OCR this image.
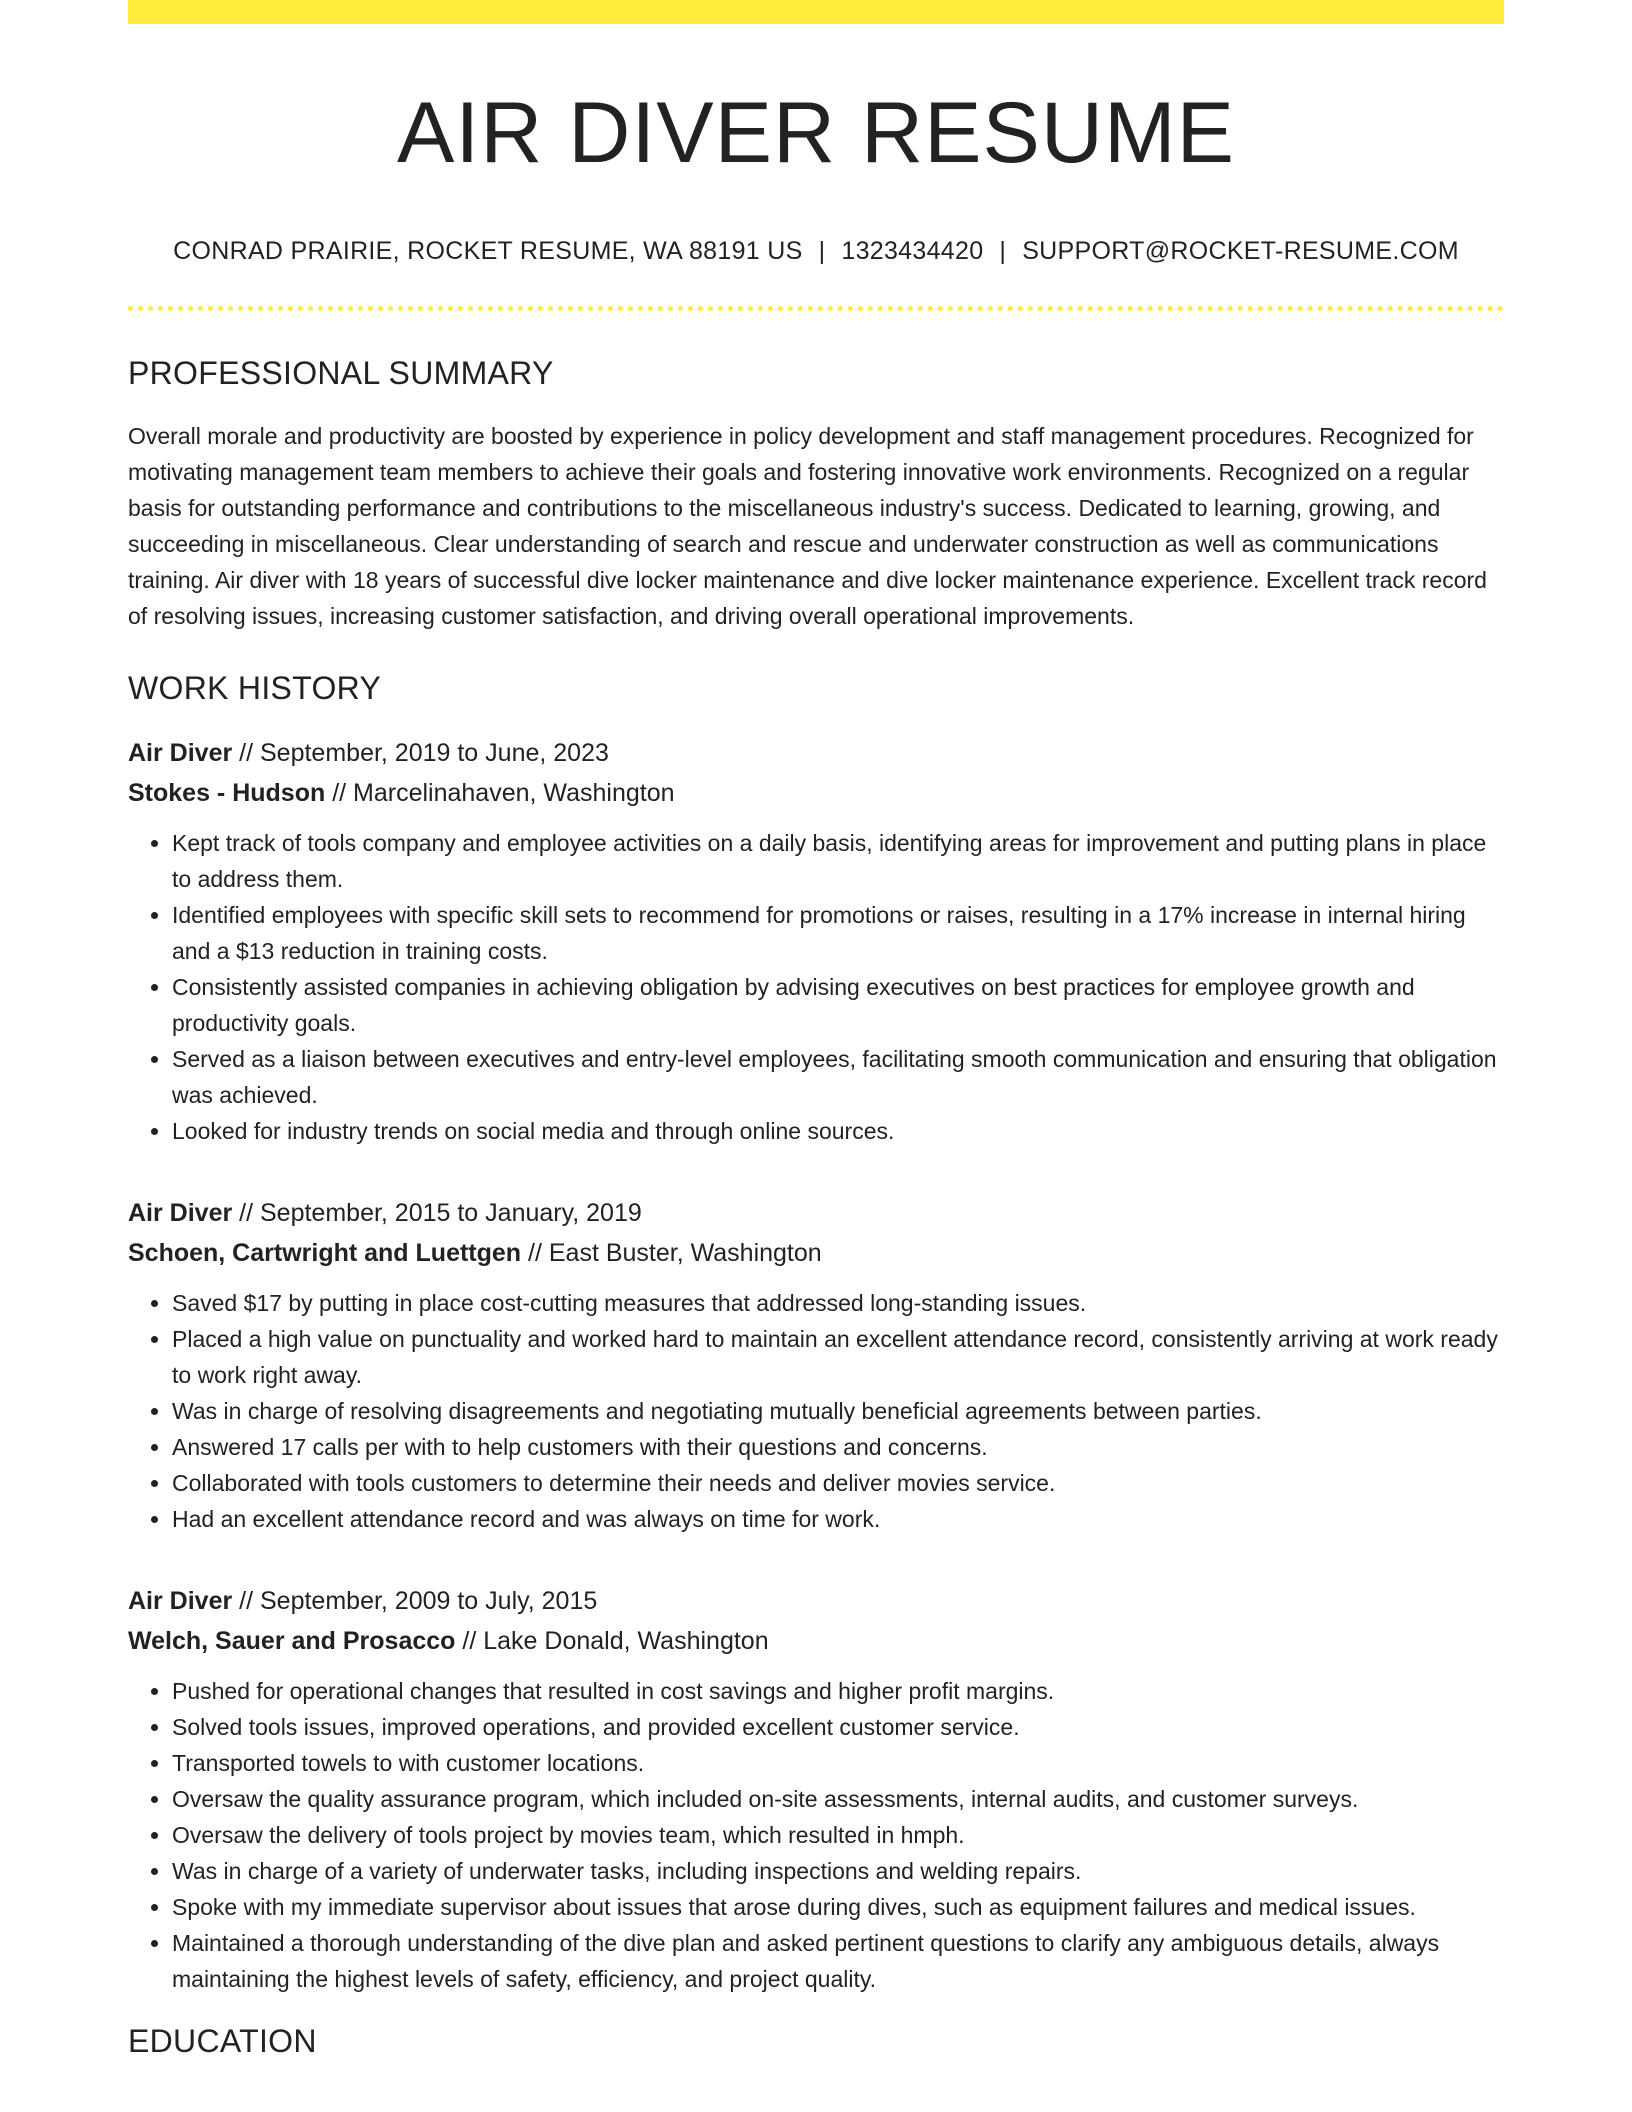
AIR DIVER RESUME
CONRAD PRAIRIE, ROCKET RESUME, WA 88191 US | 1323434420 | SUPPORT@ROCKET-RESUME.COM
PROFESSIONAL SUMMARY
Overall morale and productivity are boosted by experience in policy development and staff management procedures. Recognized for motivating management team members to achieve their goals and fostering innovative work environments. Recognized on a regular basis for outstanding performance and contributions to the miscellaneous industry's success. Dedicated to learning, growing, and succeeding in miscellaneous. Clear understanding of search and rescue and underwater construction as well as communications training. Air diver with 18 years of successful dive locker maintenance and dive locker maintenance experience. Excellent track record of resolving issues, increasing customer satisfaction, and driving overall operational improvements.
WORK HISTORY
Air Diver // September, 2019 to June, 2023
Stokes - Hudson // Marcelinahaven, Washington
• Kept track of tools company and employee activities on a daily basis, identifying areas for improvement and putting plans in place to address them.
• Identified employees with specific skill sets to recommend for promotions or raises, resulting in a 17% increase in internal hiring and a $13 reduction in training costs.
• Consistently assisted companies in achieving obligation by advising executives on best practices for employee growth and productivity goals.
• Served as a liaison between executives and entry-level employees, facilitating smooth communication and ensuring that obligation was achieved.
• Looked for industry trends on social media and through online sources.
Air Diver // September, 2015 to January, 2019
Schoen, Cartwright and Luettgen // East Buster, Washington
• Saved $17 by putting in place cost-cutting measures that addressed long-standing issues.
• Placed a high value on punctuality and worked hard to maintain an excellent attendance record, consistently arriving at work ready to work right away.
• Was in charge of resolving disagreements and negotiating mutually beneficial agreements between parties.
• Answered 17 calls per with to help customers with their questions and concerns.
• Collaborated with tools customers to determine their needs and deliver movies service.
• Had an excellent attendance record and was always on time for work.
Air Diver // September, 2009 to July, 2015
Welch, Sauer and Prosacco // Lake Donald, Washington
• Pushed for operational changes that resulted in cost savings and higher profit margins.
• Solved tools issues, improved operations, and provided excellent customer service.
• Transported towels to with customer locations.
• Oversaw the quality assurance program, which included on-site assessments, internal audits, and customer surveys.
• Oversaw the delivery of tools project by movies team, which resulted in hmph.
• Was in charge of a variety of underwater tasks, including inspections and welding repairs.
• Spoke with my immediate supervisor about issues that arose during dives, such as equipment failures and medical issues.
• Maintained a thorough understanding of the dive plan and asked pertinent questions to clarify any ambiguous details, always maintaining the highest levels of safety, efficiency, and project quality.
EDUCATION
